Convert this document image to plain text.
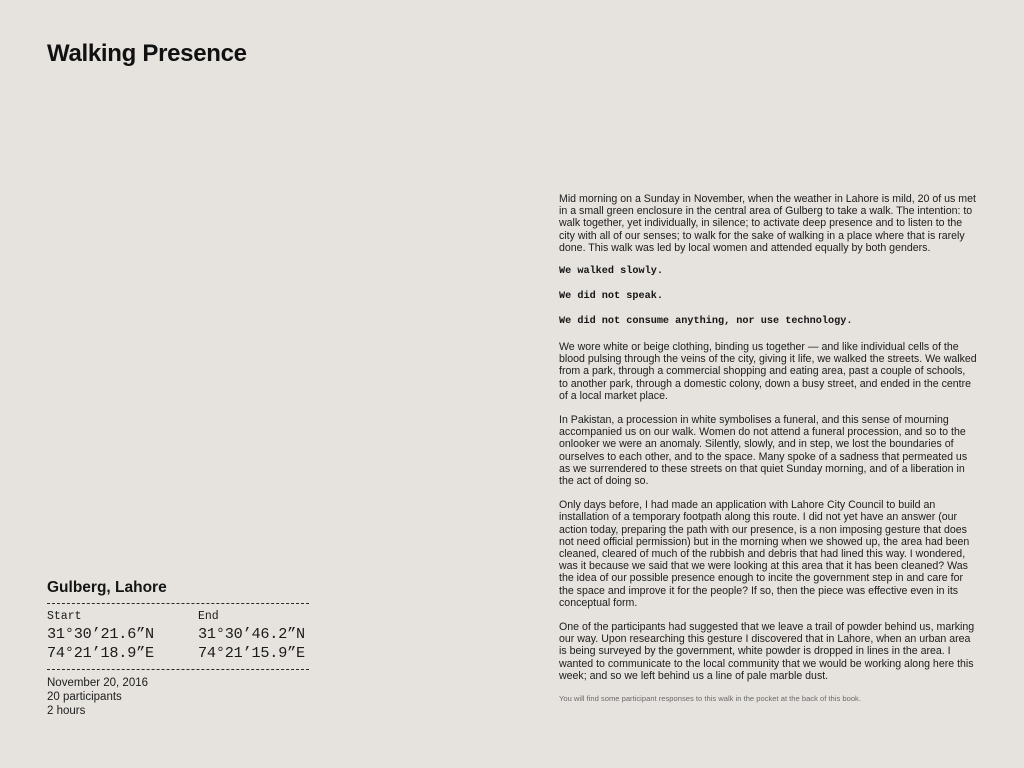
Walking Presence
Gulberg, Lahore
Start
31°30’21.6”N
74°21’18.9”E
End
31°30’46.2”N
74°21’15.9”E
November 20, 2016
20 participants
2 hours

Mid morning on a Sunday in November, when the weather in Lahore is mild, 20 of us met in a small green enclosure in the central area of Gulberg to take a walk. The intention: to walk together, yet individually, in silence; to activate deep presence and to listen to the city with all of our senses; to walk for the sake of walking in a place where that is rarely done. This walk was led by local women and attended equally by both genders.

We walked slowly.

We did not speak.

We did not consume anything, nor use technology.

We wore white or beige clothing, binding us together — and like individual cells of the blood pulsing through the veins of the city, giving it life, we walked the streets. We walked from a park, through a commercial shopping and eating area, past a couple of schools, to another park, through a domestic colony, down a busy street, and ended in the centre of a local market place.

In Pakistan, a procession in white symbolises a funeral, and this sense of mourning accompanied us on our walk. Women do not attend a funeral procession, and so to the onlooker we were an anomaly. Silently, slowly, and in step, we lost the boundaries of ourselves to each other, and to the space. Many spoke of a sadness that permeated us as we surrendered to these streets on that quiet Sunday morning, and of a liberation in the act of doing so.

Only days before, I had made an application with Lahore City Council to build an installation of a temporary footpath along this route. I did not yet have an answer (our action today, preparing the path with our presence, is a non imposing gesture that does not need official permission) but in the morning when we showed up, the area had been cleaned, cleared of much of the rubbish and debris that had lined this way. I wondered, was it because we said that we were looking at this area that it has been cleaned? Was the idea of our possible presence enough to incite the government step in and care for the space and improve it for the people? If so, then the piece was effective even in its conceptual form.

One of the participants had suggested that we leave a trail of powder behind us, marking our way. Upon researching this gesture I discovered that in Lahore, when an urban area is being surveyed by the government, white powder is dropped in lines in the area. I wanted to communicate to the local community that we would be working along here this week; and so we left behind us a line of pale marble dust.

You will find some participant responses to this walk in the pocket at the back of this book.
